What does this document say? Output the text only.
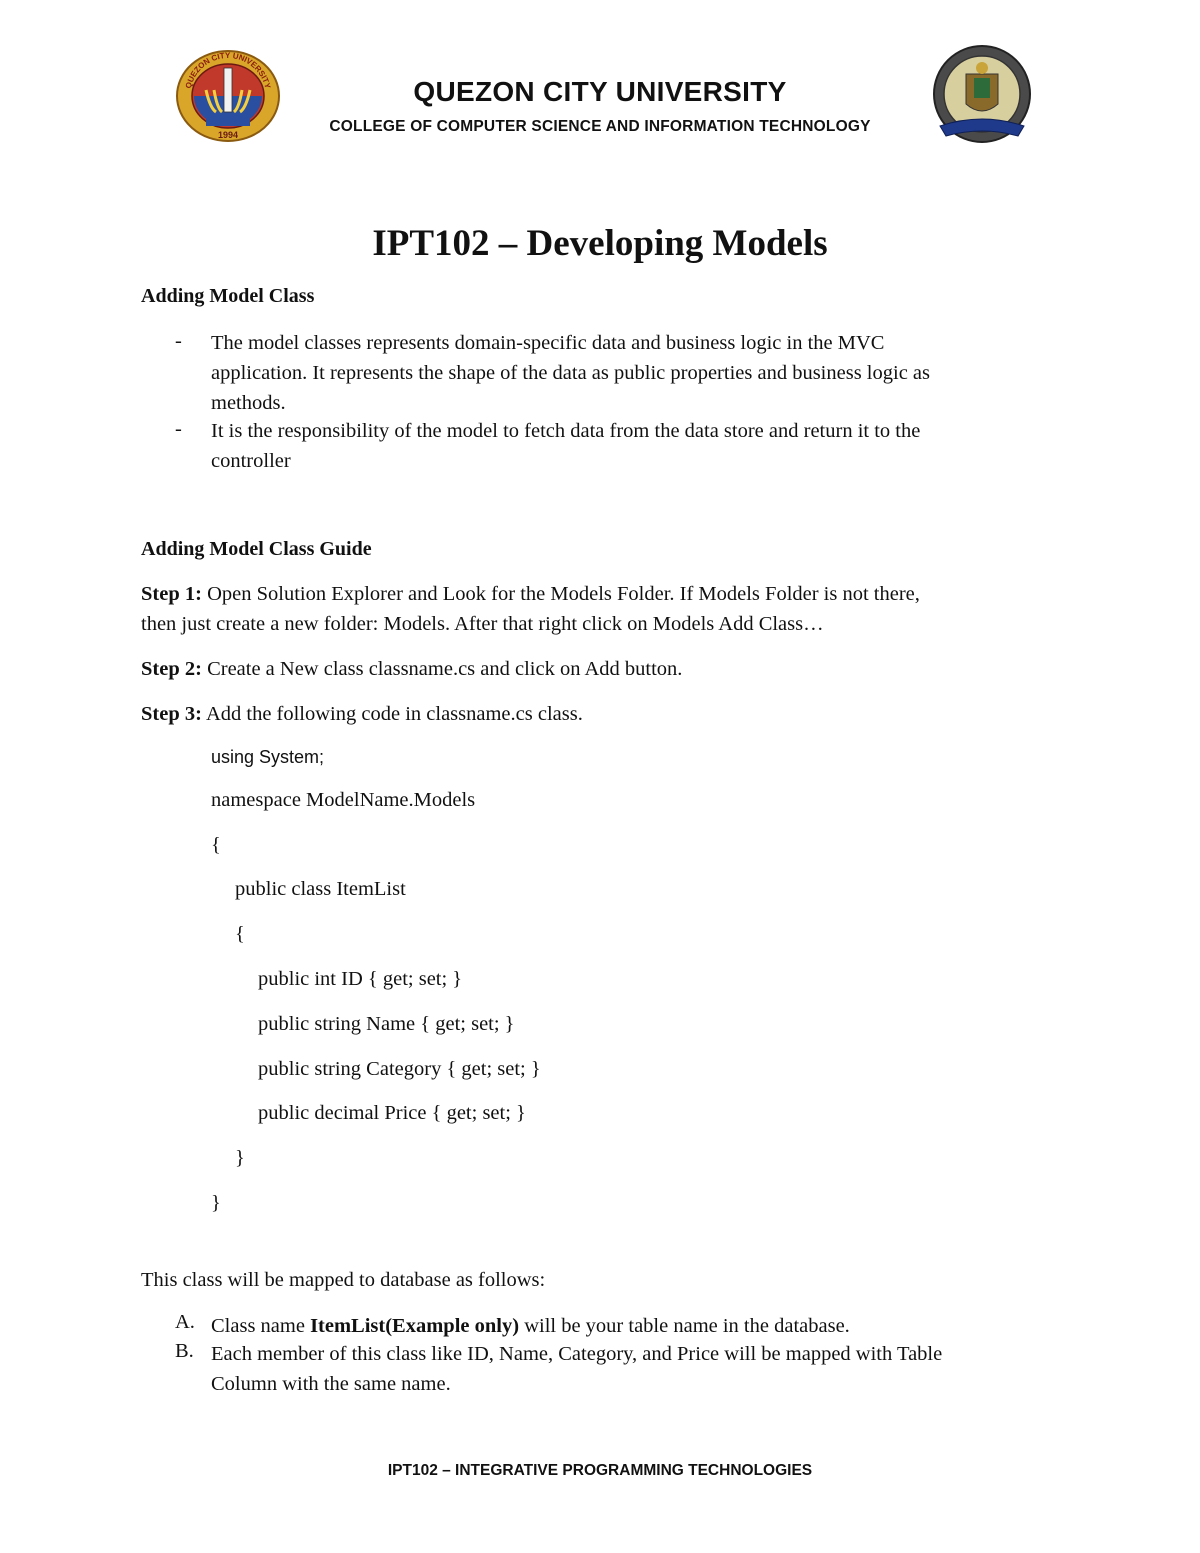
QUEZON CITY UNIVERSITY
1994
QUEZON CITY UNIVERSITY
COLLEGE OF COMPUTER SCIENCE AND INFORMATION TECHNOLOGY
IPT102 – Developing Models
Adding Model Class
- The model classes represents domain-specific data and business logic in the MVC
application. It represents the shape of the data as public properties and business logic as
methods.
- It is the responsibility of the model to fetch data from the data store and return it to the
controller
Adding Model Class Guide
Step 1: Open Solution Explorer and Look for the Models Folder. If Models Folder is not there,
then just create a new folder: Models. After that right click on Models Add Class…
Step 2: Create a New class classname.cs and click on Add button.
Step 3: Add the following code in classname.cs class.
using System;
namespace ModelName.Models
{
public class ItemList
{
public int ID { get; set; }
public string Name { get; set; }
public string Category { get; set; }
public decimal Price { get; set; }
}
}
This class will be mapped to database as follows:
A. Class name ItemList(Example only) will be your table name in the database.
B. Each member of this class like ID, Name, Category, and Price will be mapped with Table
Column with the same name.
IPT102 – INTEGRATIVE PROGRAMMING TECHNOLOGIES
